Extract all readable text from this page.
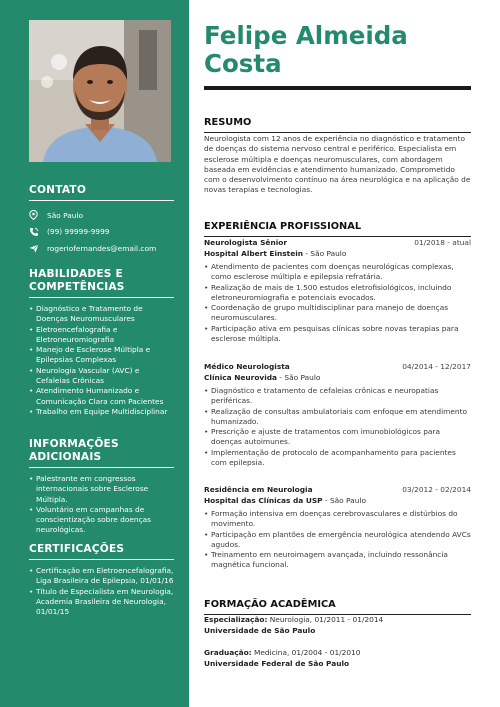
CONTATO
São Paulo
(99) 99999-9999
rogeriofernandes@email.com
HABILIDADES E
COMPETÊNCIAS
• Diagnóstico e Tratamento de Doenças Neuromusculares
• Eletroencefalografia e Eletroneuromiografia
• Manejo de Esclerose Múltipla e Epilepsias Complexas
• Neurologia Vascular (AVC) e Cefaleias Crônicas
• Atendimento Humanizado e Comunicação Clara com Pacientes
• Trabalho em Equipe Multidisciplinar
INFORMAÇÕES ADICIONAIS
• Palestrante em congressos internacionais sobre Esclerose Múltipla.
• Voluntário em campanhas de conscientização sobre doenças neurológicas.
CERTIFICAÇÕES
• Certificação em Eletroencefalografia, Liga Brasileira de Epilepsia, 01/01/16
• Título de Especialista em Neurologia, Academia Brasileira de Neurologia, 01/01/15
Felipe Almeida
Costa
RESUMO
Neurologista com 12 anos de experiência no diagnóstico e tratamento de doenças do sistema nervoso central e periférico. Especialista em esclerose múltipla e doenças neuromusculares, com abordagem baseada em evidências e atendimento humanizado. Comprometido com o desenvolvimento contínuo na área neurológica e na aplicação de novas terapias e tecnologias.
EXPERIÊNCIA PROFISSIONAL
Neurologista Sênior	01/2018 - atual
Hospital Albert Einstein - São Paulo
• Atendimento de pacientes com doenças neurológicas complexas, como esclerose múltipla e epilepsia refratária.
• Realização de mais de 1.500 estudos eletrofisiológicos, incluindo eletroneuromiografia e potenciais evocados.
• Coordenação de grupo multidisciplinar para manejo de doenças neuromusculares.
• Participação ativa em pesquisas clínicas sobre novas terapias para esclerose múltipla.
Médico Neurologista	04/2014 - 12/2017
Clínica Neurovida - São Paulo
• Diagnóstico e tratamento de cefaleias crônicas e neuropatias periféricas.
• Realização de consultas ambulatoriais com enfoque em atendimento humanizado.
• Prescrição e ajuste de tratamentos com imunobiológicos para doenças autoimunes.
• Implementação de protocolo de acompanhamento para pacientes com epilepsia.
Residência em Neurologia	03/2012 - 02/2014
Hospital das Clínicas da USP - São Paulo
• Formação intensiva em doenças cerebrovasculares e distúrbios do movimento.
• Participação em plantões de emergência neurológica atendendo AVCs agudos.
• Treinamento em neuroimagem avançada, incluindo ressonância magnética funcional.
FORMAÇÃO ACADÊMICA
Especialização: Neurologia, 01/2011 - 01/2014
Universidade de São Paulo
Graduação: Medicina, 01/2004 - 01/2010
Universidade Federal de São Paulo
